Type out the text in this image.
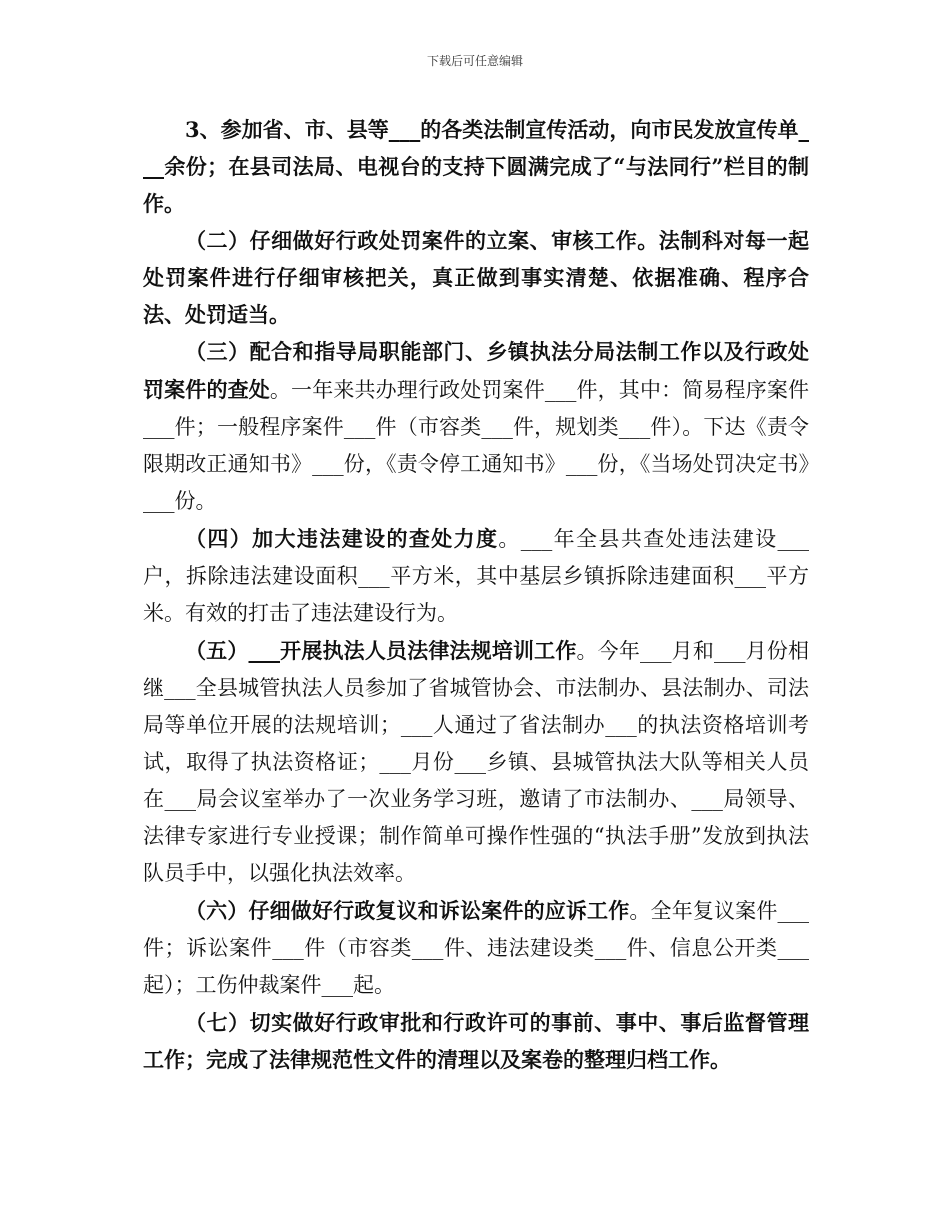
下载后可任意编辑

3、参加省、市、县等___的各类法制宣传活动，向市民发放宣传单___余份；在县司法局、电视台的支持下圆满完成了“与法同行”栏目的制作。

（二）仔细做好行政处罚案件的立案、审核工作。法制科对每一起处罚案件进行仔细审核把关，真正做到事实清楚、依据准确、程序合法、处罚适当。

（三）配合和指导局职能部门、乡镇执法分局法制工作以及行政处罚案件的查处。一年来共办理行政处罚案件___件，其中：简易程序案件___件；一般程序案件___件（市容类___件，规划类___件）。下达《责令限期改正通知书》___份，《责令停工通知书》___份，《当场处罚决定书》___份。

（四）加大违法建设的查处力度。___年全县共查处违法建设___户，拆除违法建设面积___平方米，其中基层乡镇拆除违建面积___平方米。有效的打击了违法建设行为。

（五）___开展执法人员法律法规培训工作。今年___月和___月份相继___全县城管执法人员参加了省城管协会、市法制办、县法制办、司法局等单位开展的法规培训；___人通过了省法制办___的执法资格培训考试，取得了执法资格证；___月份___乡镇、县城管执法大队等相关人员在___局会议室举办了一次业务学习班，邀请了市法制办、___局领导、法律专家进行专业授课；制作简单可操作性强的“执法手册”发放到执法队员手中，以强化执法效率。

（六）仔细做好行政复议和诉讼案件的应诉工作。全年复议案件___件；诉讼案件___件（市容类___件、违法建设类___件、信息公开类___起）；工伤仲裁案件___起。

（七）切实做好行政审批和行政许可的事前、事中、事后监督管理工作；完成了法律规范性文件的清理以及案卷的整理归档工作。
